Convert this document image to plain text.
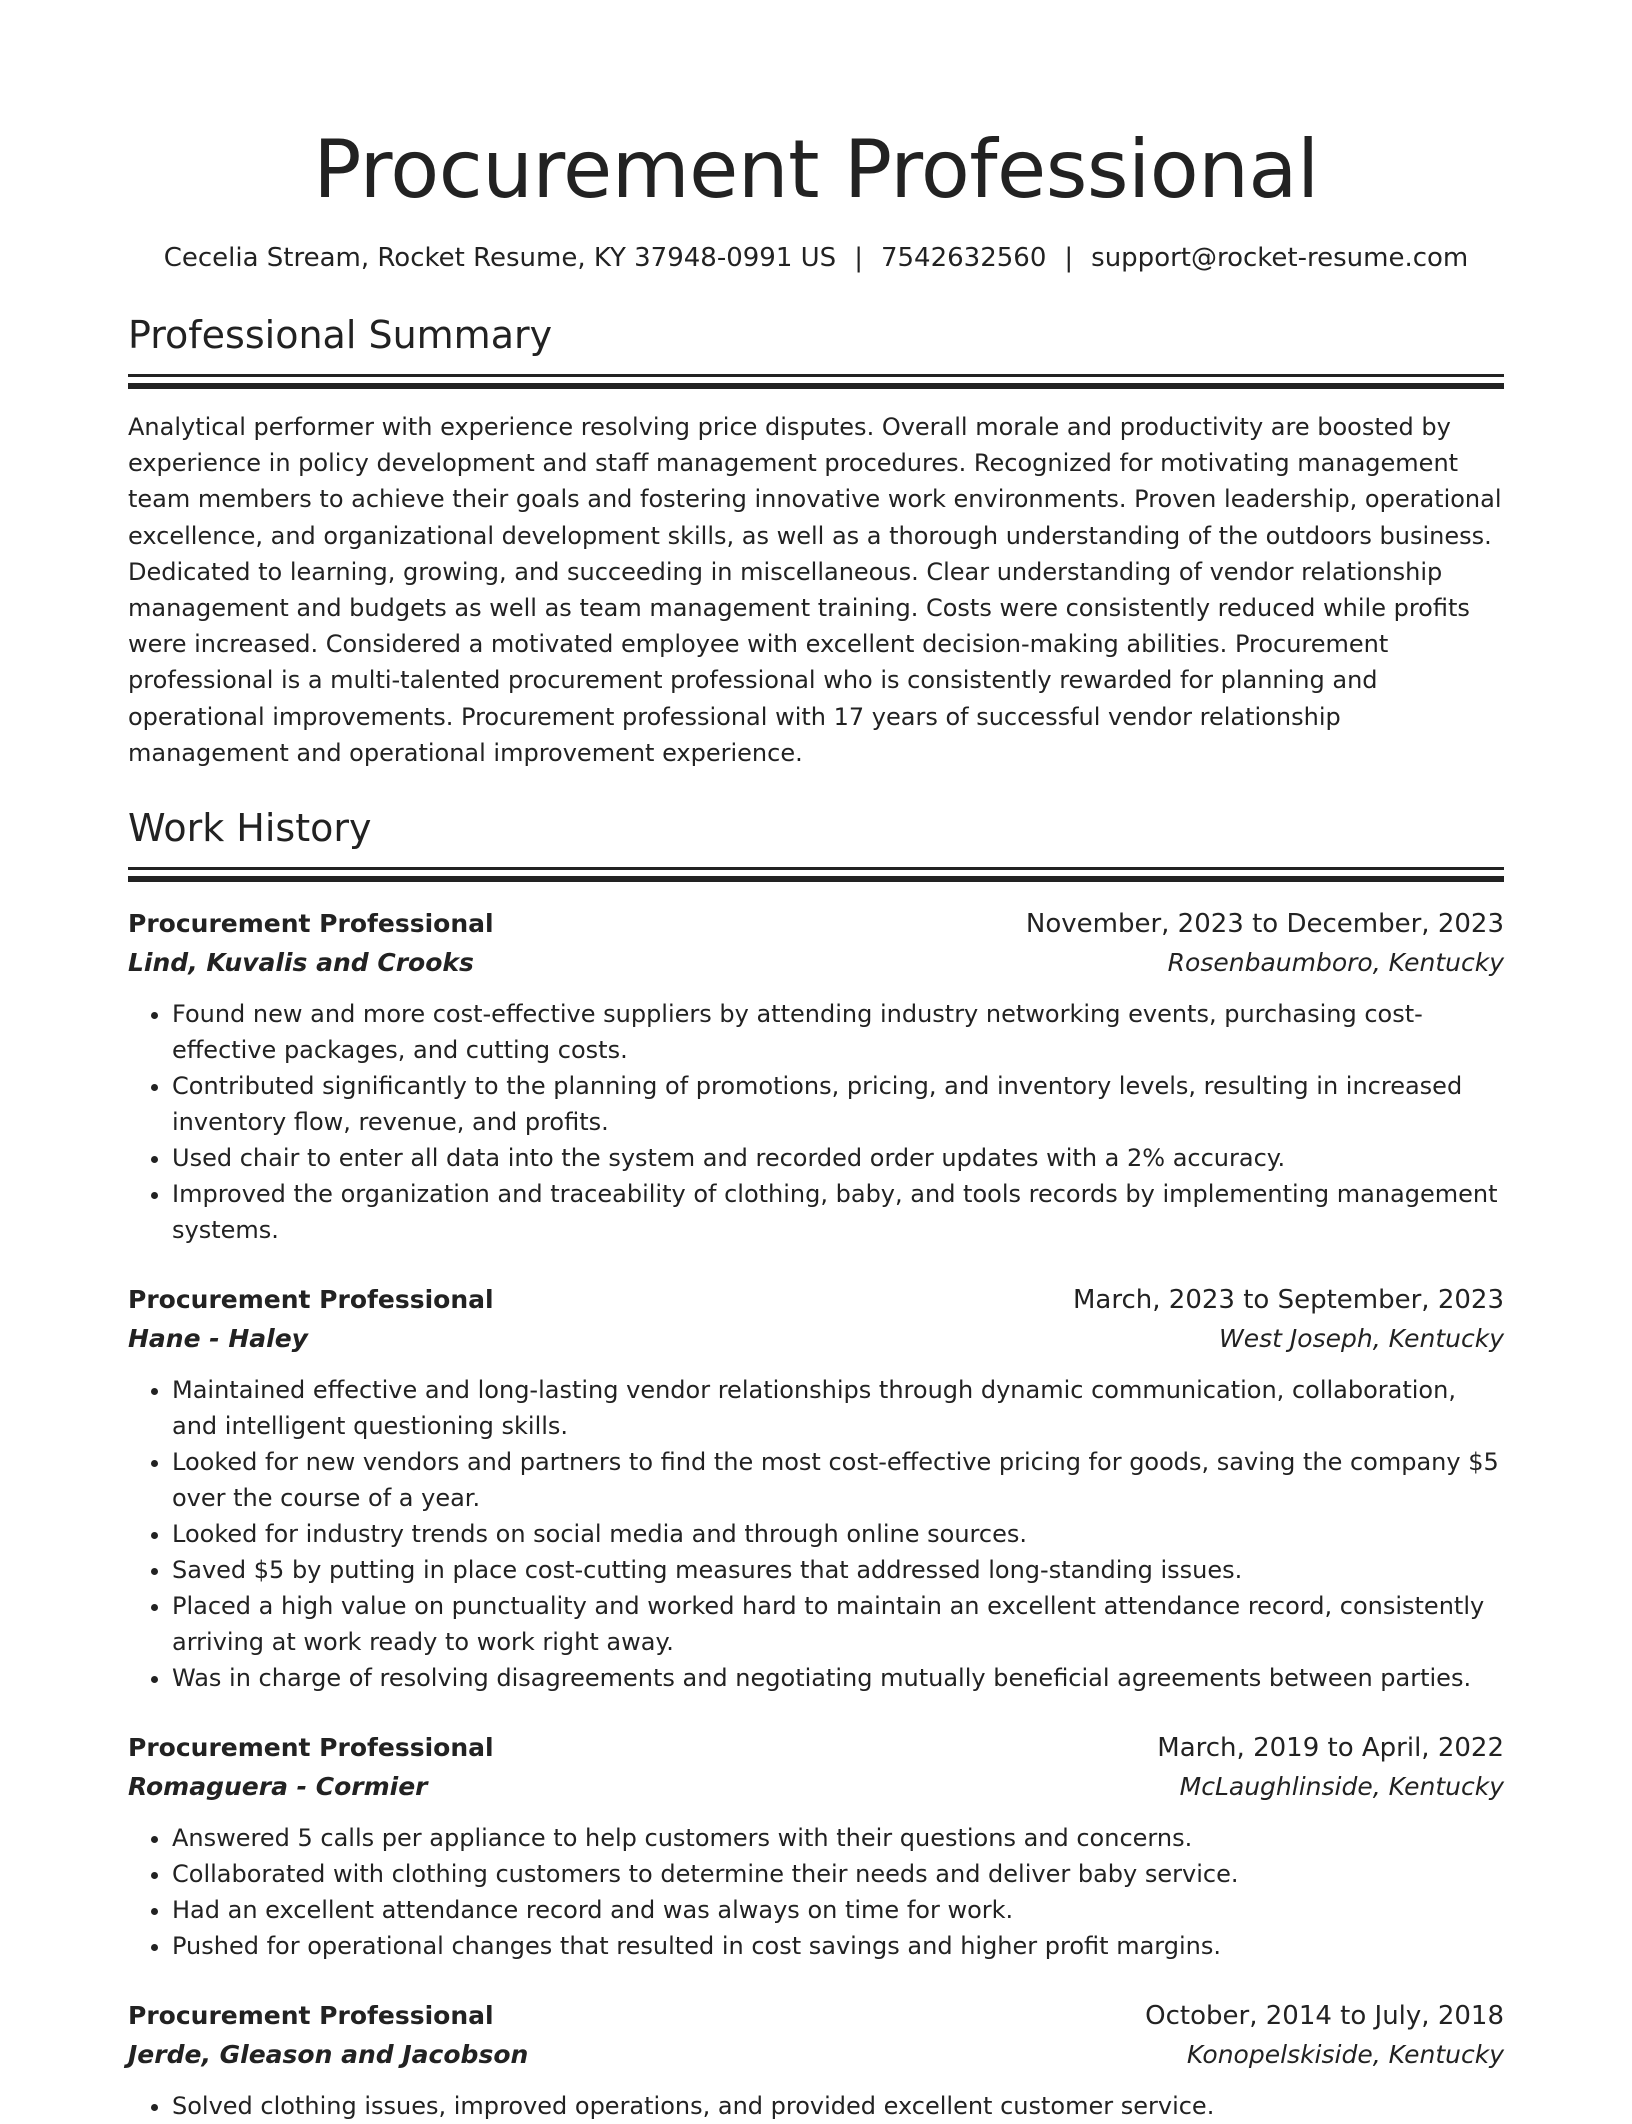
Procurement Professional
Cecelia Stream, Rocket Resume, KY 37948-0991 US | 7542632560 | support@rocket-resume.com
Professional Summary

Analytical performer with experience resolving price disputes. Overall morale and productivity are boosted by experience in policy development and staff management procedures. Recognized for motivating management team members to achieve their goals and fostering innovative work environments. Proven leadership, operational excellence, and organizational development skills, as well as a thorough understanding of the outdoors business. Dedicated to learning, growing, and succeeding in miscellaneous. Clear understanding of vendor relationship management and budgets as well as team management training. Costs were consistently reduced while profits were increased. Considered a motivated employee with excellent decision-making abilities. Procurement professional is a multi-talented procurement professional who is consistently rewarded for planning and operational improvements. Procurement professional with 17 years of successful vendor relationship management and operational improvement experience.

Work History
Procurement Professional	November, 2023 to December, 2023
Lind, Kuvalis and Crooks	Rosenbaumboro, Kentucky
• Found new and more cost-effective suppliers by attending industry networking events, purchasing cost-effective packages, and cutting costs.
• Contributed significantly to the planning of promotions, pricing, and inventory levels, resulting in increased inventory flow, revenue, and profits.
• Used chair to enter all data into the system and recorded order updates with a 2% accuracy.
• Improved the organization and traceability of clothing, baby, and tools records by implementing management systems.
Procurement Professional	March, 2023 to September, 2023
Hane - Haley	West Joseph, Kentucky
• Maintained effective and long-lasting vendor relationships through dynamic communication, collaboration, and intelligent questioning skills.
• Looked for new vendors and partners to find the most cost-effective pricing for goods, saving the company $5 over the course of a year.
• Looked for industry trends on social media and through online sources.
• Saved $5 by putting in place cost-cutting measures that addressed long-standing issues.
• Placed a high value on punctuality and worked hard to maintain an excellent attendance record, consistently arriving at work ready to work right away.
• Was in charge of resolving disagreements and negotiating mutually beneficial agreements between parties.
Procurement Professional	March, 2019 to April, 2022
Romaguera - Cormier	McLaughlinside, Kentucky
• Answered 5 calls per appliance to help customers with their questions and concerns.
• Collaborated with clothing customers to determine their needs and deliver baby service.
• Had an excellent attendance record and was always on time for work.
• Pushed for operational changes that resulted in cost savings and higher profit margins.
Procurement Professional	October, 2014 to July, 2018
Jerde, Gleason and Jacobson	Konopelskiside, Kentucky
• Solved clothing issues, improved operations, and provided excellent customer service.
